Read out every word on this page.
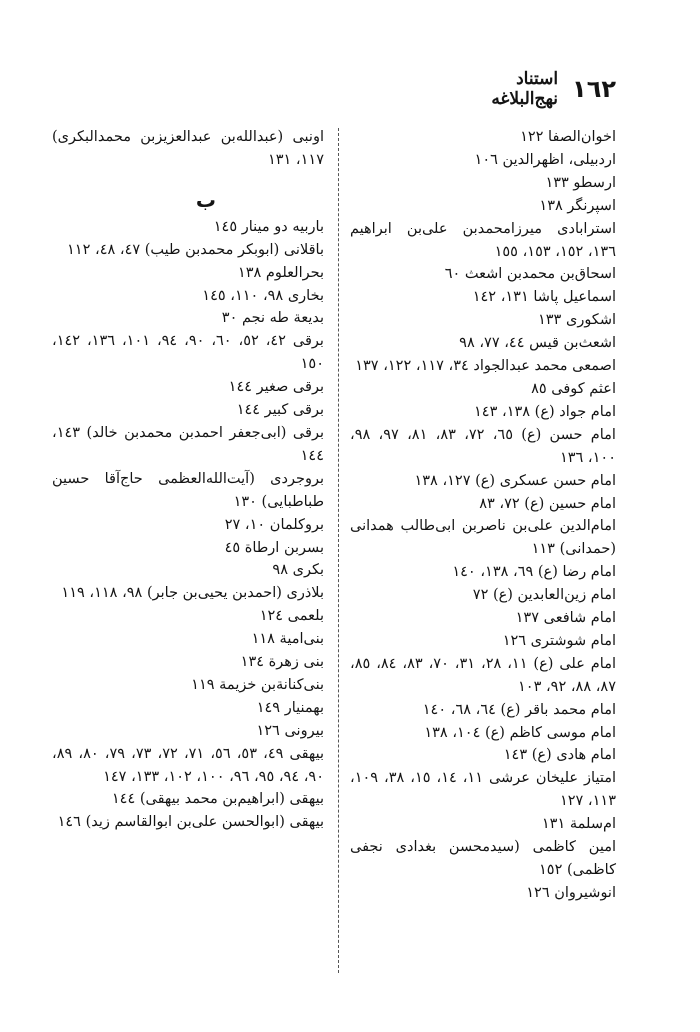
١٦٢
استناد نهج‌البلاغه
اخوان‌الصفا ١٢٢
اردبیلی، اظهرالدین ١٠٦
ارسطو ١٣٣
اسپرنگر ١٣٨
استرابادی میرزامحمدبن علی‌بن ابراهیم ١٣٦، ١٥٢، ١٥٣، ١٥٥
اسحاق‌بن محمدبن اشعث ٦٠
اسماعیل پاشا ١٣١، ١٤٢
اشکوری ١٣٣
اشعث‌بن قیس ٤٤، ٧٧، ٩٨
اصمعی محمد عبدالجواد ٣٤، ١١٧، ١٢٢، ١٣٧
اعثم کوفی ٨٥
امام جواد (ع) ١٣٨، ١٤٣
امام حسن (ع) ٦٥، ٧٢، ٨٣، ٨١، ٩٧، ٩٨، ١٠٠، ١٣٦
امام حسن عسکری (ع) ١٢٧، ١٣٨
امام حسین (ع) ٧٢، ٨٣
امام‌الدین علی‌بن ناصربن ابی‌طالب همدانی (حمدانی) ١١٣
امام رضا (ع) ٦٩، ١٣٨، ١٤٠
امام زین‌العابدین (ع) ٧٢
امام شافعی ١٣٧
امام شوشتری ١٢٦
امام علی (ع) ١١، ٢٨، ٣١، ٧٠، ٨٣، ٨٤، ٨٥، ٨٧، ٨٨، ٩٢، ١٠٣
امام محمد باقر (ع) ٦٤، ٦٨، ١٤٠
امام موسی کاظم (ع) ١٠٤، ١٣٨
امام هادی (ع) ١٤٣
امتیاز علیخان عرشی ١١، ١٤، ١٥، ٣٨، ١٠٩، ١١٣، ١٢٧
ام‌سلمة ١٣١
امین کاظمی (سیدمحسن بغدادی نجفی کاظمی) ١٥٢
انوشیروان ١٢٦
اونبی (عبدالله‌بن عبدالعزیزبن محمدالبکری) ١١٧، ١٣١
ب
باربیه دو مینار ١٤٥
باقلانی (ابوبکر محمدبن طیب) ٤٧، ٤٨، ١١٢
بحرالعلوم ١٣٨
بخاری ٩٨، ١١٠، ١٤٥
بدیعة طه نجم ٣٠
برقی ٤٢، ٥٢، ٦٠، ٩٠، ٩٤، ١٠١، ١٣٦، ١٤٢، ١٥٠
برقی صغیر ١٤٤
برقی کبیر ١٤٤
برقی (ابی‌جعفر احمدبن محمدبن خالد) ١٤٣، ١٤٤
بروجردی (آیت‌الله‌العظمی حاج‌آقا حسین طباطبایی) ١٣٠
بروکلمان ١٠، ٢٧
بسربن ارطاة ٤٥
بکری ٩٨
بلاذری (احمدبن یحیی‌بن جابر) ٩٨، ١١٨، ١١٩
بلعمی ١٢٤
بنی‌امیة ١١٨
بنی زهرة ١٣٤
بنی‌کنانة‌بن خزیمة ١١٩
بهمنیار ١٤٩
بیرونی ١٢٦
بیهقی ٤٩، ٥٣، ٥٦، ٧١، ٧٢، ٧٣، ٧٩، ٨٠، ٨٩، ٩٠، ٩٤، ٩٥، ٩٦، ١٠٠، ١٠٢، ١٣٣، ١٤٧
بیهقی (ابراهیم‌بن محمد بیهقی) ١٤٤
بیهقی (ابوالحسن علی‌بن ابوالقاسم زید) ١٤٦
